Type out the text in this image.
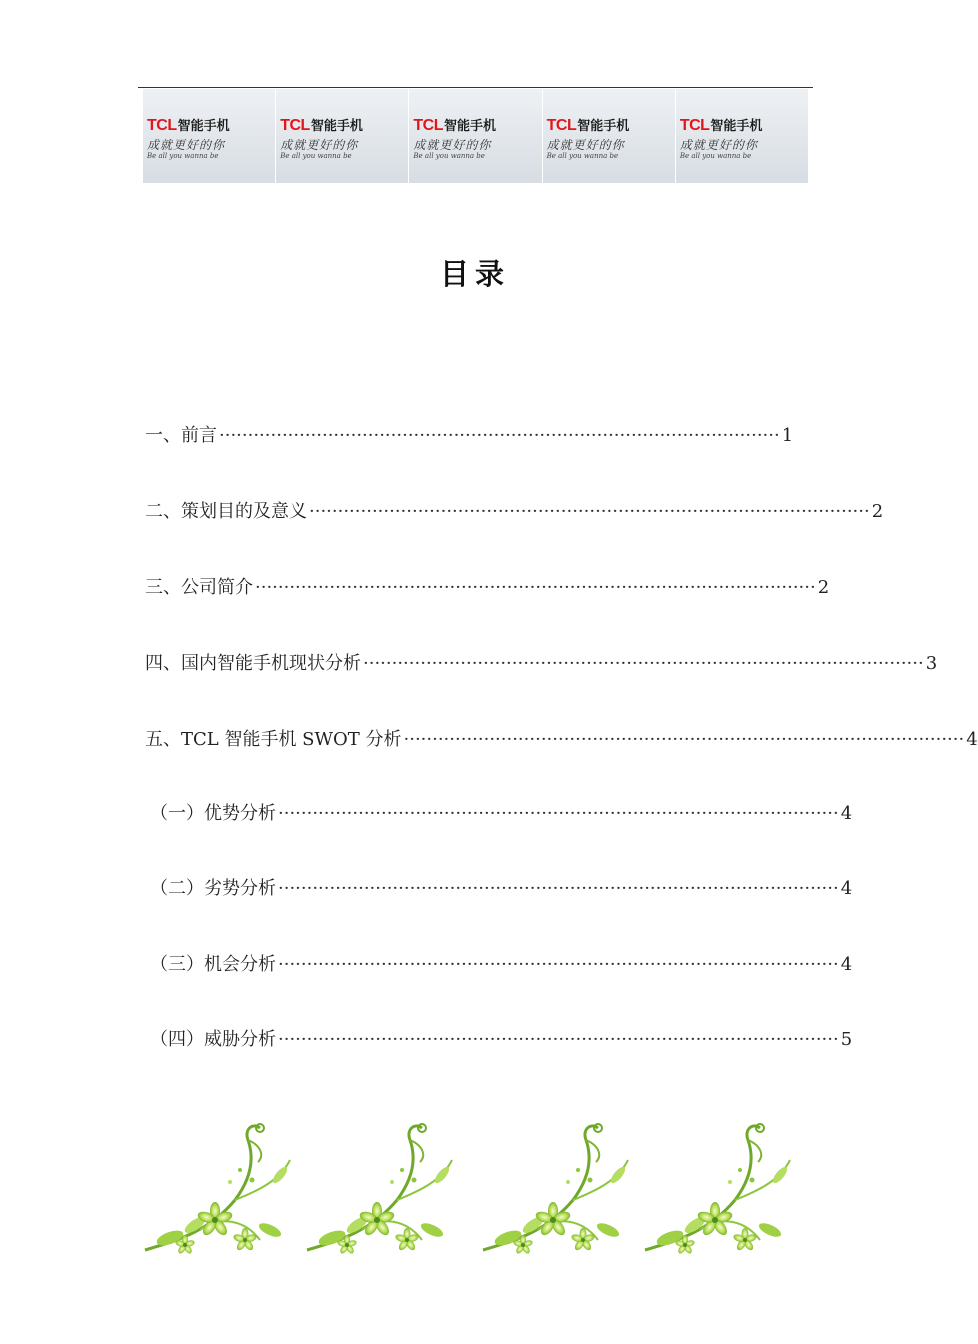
TCL智能手机
成就更好的你
Be all you wanna be
TCL智能手机
成就更好的你
Be all you wanna be
TCL智能手机
成就更好的你
Be all you wanna be
TCL智能手机
成就更好的你
Be all you wanna be
TCL智能手机
成就更好的你
Be all you wanna be
目录
一、前言 ·································································································· 1
二、策划目的及意义 ·································································································· 2
三、公司简介 ·································································································· 2
四、国内智能手机现状分析 ·································································································· 3
五、TCL 智能手机 SWOT 分析 ·································································································· 4
（一）优势分析 ·································································································· 4
（二）劣势分析 ·································································································· 4
（三）机会分析 ·································································································· 4
（四）威胁分析 ·································································································· 5
